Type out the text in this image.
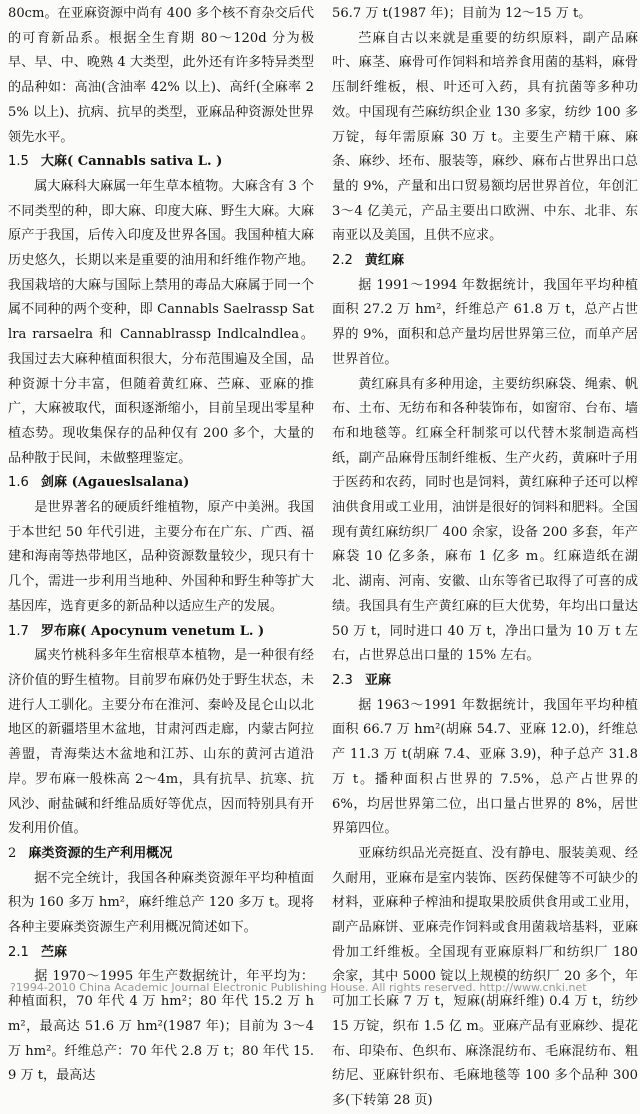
80cm。在亚麻资源中尚有 400 多个核不育杂交后代的可育新品系。根据全生育期 80～120d 分为极早、早、中、晚熟 4 大类型，此外还有许多特异类型的品种如：高油(含油率 42% 以上)、高纤(全麻率 25% 以上)、抗病、抗早的类型，亚麻品种资源处世界领先水平。

1.5 大麻( Cannabls sativa L. )

属大麻科大麻属一年生草本植物。大麻含有 3 个不同类型的种，即大麻、印度大麻、野生大麻。大麻原产于我国，后传入印度及世界各国。我国种植大麻历史悠久，长期以来是重要的油用和纤维作物产地。我国栽培的大麻与国际上禁用的毒品大麻属于同一个属不同种的两个变种，即 Cannabls Saelrassp Satlra rarsaelra 和 Cannablrassp Indlcalndlea。我国过去大麻种植面积很大，分布范围遍及全国，品种资源十分丰富，但随着黄红麻、苎麻、亚麻的推广，大麻被取代，面积逐渐缩小，目前呈现出零星种植态势。现收集保存的品种仅有 200 多个，大量的品种散于民间，未做整理鉴定。

1.6 剑麻 (Agaueslsalana)

是世界著名的硬质纤维植物，原产中美洲。我国于本世纪 50 年代引进，主要分布在广东、广西、福建和海南等热带地区，品种资源数量较少，现只有十几个，需进一步利用当地种、外国种和野生种等扩大基因库，选育更多的新品种以适应生产的发展。

1.7 罗布麻( Apocynum venetum L. )

属夹竹桃科多年生宿根草本植物，是一种很有经济价值的野生植物。目前罗布麻仍处于野生状态，未进行人工驯化。主要分布在淮河、秦岭及昆仑山以北地区的新疆塔里木盆地，甘肃河西走廊，内蒙古阿拉善盟，青海柴达木盆地和江苏、山东的黄河古道沿岸。罗布麻一般株高 2～4m，具有抗旱、抗寒、抗风沙、耐盐碱和纤维品质好等优点，因而特别具有开发利用价值。

2 麻类资源的生产利用概况

据不完全统计，我国各种麻类资源年平均种植面积为 160 多万 hm²，麻纤维总产 120 多万 t。现将各种主要麻类资源生产利用概况简述如下。

2.1 苎麻

据 1970～1995 年生产数据统计，年平均为：种植面积，70 年代 4 万 hm²；80 年代 15.2 万 hm²，最高达 51.6 万 hm²(1987 年)；目前为 3～4 万 hm²。纤维总产：70 年代 2.8 万 t；80 年代 15.9 万 t，最高达

56.7 万 t(1987 年)；目前为 12～15 万 t。

苎麻自古以来就是重要的纺织原料，副产品麻叶、麻茎、麻骨可作饲料和培养食用菌的基料，麻骨压制纤维板，根、叶还可入药，具有抗菌等多种功效。中国现有苎麻纺织企业 130 多家，纺纱 100 多万锭，每年需原麻 30 万 t。主要生产精干麻、麻条、麻纱、坯布、服装等，麻纱、麻布占世界出口总量的 9%，产量和出口贸易额均居世界首位，年创汇 3～4 亿美元，产品主要出口欧洲、中东、北非、东南亚以及美国，且供不应求。

2.2 黄红麻

据 1991～1994 年数据统计，我国年平均种植面积 27.2 万 hm²，纤维总产 61.8 万 t，总产占世界的 9%，面积和总产量均居世界第三位，而单产居世界首位。

黄红麻具有多种用途，主要纺织麻袋、绳索、帆布、土布、无纺布和各种装饰布，如窗帘、台布、墙布和地毯等。红麻全秆制浆可以代替木浆制造高档纸，副产品麻骨压制纤维板、生产火药，黄麻叶子用于医药和农药，同时也是饲料，黄红麻种子还可以榨油供食用或工业用，油饼是很好的饲料和肥料。全国现有黄红麻纺织厂 400 余家，设备 200 多套，年产麻袋 10 亿多条，麻布 1 亿多 m。红麻造纸在湖北、湖南、河南、安徽、山东等省已取得了可喜的成绩。我国具有生产黄红麻的巨大优势，年均出口量达 50 万 t，同时进口 40 万 t，净出口量为 10 万 t 左右，占世界总出口量的 15% 左右。

2.3 亚麻

据 1963～1991 年数据统计，我国年平均种植面积 66.7 万 hm²(胡麻 54.7、亚麻 12.0)，纤维总产 11.3 万 t(胡麻 7.4、亚麻 3.9)，种子总产 31.8 万 t。播种面积占世界的 7.5%，总产占世界的 6%，均居世界第二位，出口量占世界的 8%，居世界第四位。

亚麻纺织品光亮挺直、没有静电、服装美观、经久耐用，亚麻布是室内装饰、医药保健等不可缺少的材料，亚麻种子榨油和提取果胶质供食用或工业用，副产品麻饼、亚麻壳作饲料或食用菌栽培基料，亚麻骨加工纤维板。全国现有亚麻原料厂和纺织厂 180 余家，其中 5000 锭以上规模的纺织厂 20 多个，年可加工长麻 7 万 t，短麻(胡麻纤维) 0.4 万 t，纺纱 15 万锭，织布 1.5 亿 m。亚麻产品有亚麻纱、提花布、印染布、色织布、麻涤混纺布、毛麻混纺布、粗纺尼、亚麻针织布、毛麻地毯等 100 多个品种 300 多(下转第 28 页)

?1994-2010 China Academic Journal Electronic Publishing House. All rights reserved. http://www.cnki.net
